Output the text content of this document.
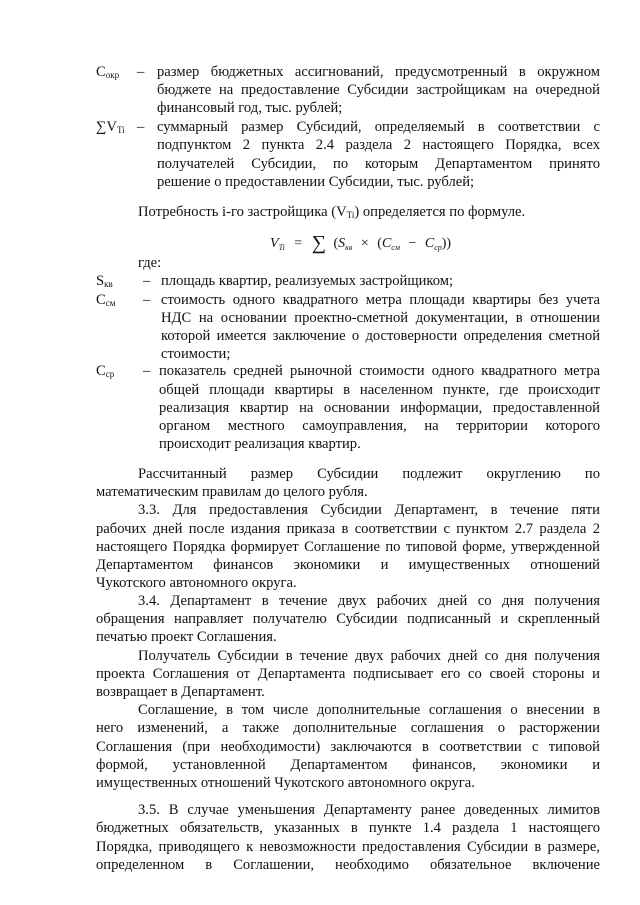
$C_{окр}$ – размер бюджетных ассигнований, предусмотренный в окружном
бюджете на предоставление Субсидии застройщикам на очередной
финансовый год, тыс. рублей;
$\sum V_{Ti}$ – суммарный размер Субсидий, определяемый в соответствии с
подпунктом 2 пункта 2.4 раздела 2 настоящего Порядка, всех
получателей Субсидии, по которым Департаментом принято
решение о предоставлении Субсидии, тыс. рублей;
Потребность i-го застройщика $(V_{Ti})$ определяется по формуле.
$V_{Ti}$ = ∑ $(S_{кв} \times (C_{см} - C_{ср}))$
где:
$S_{кв}$ – площадь квартир, реализуемых застройщиком;
$C_{см}$ – стоимость одного квадратного метра площади квартиры без учета
НДС на основании проектно-сметной документации, в отношении
которой имеется заключение о достоверности определения сметной
стоимости;
$C_{ср}$ – показатель средней рыночной стоимости одного квадратного метра
общей площади квартиры в населенном пункте, где происходит
реализация квартир на основании информации, предоставленной
органом местного самоуправления, на территории которого
происходит реализация квартир.
Рассчитанный размер Субсидии подлежит округлению по
математическим правилам до целого рубля.
3.3. Для предоставления Субсидии Департамент, в течение пяти
рабочих дней после издания приказа в соответствии с пунктом 2.7 раздела 2
настоящего Порядка формирует Соглашение по типовой форме, утвержденной
Департаментом финансов экономики и имущественных отношений
Чукотского автономного округа.
3.4. Департамент в течение двух рабочих дней со дня получения
обращения направляет получателю Субсидии подписанный и скрепленный
печатью проект Соглашения.
Получатель Субсидии в течение двух рабочих дней со дня получения
проекта Соглашения от Департамента подписывает его со своей стороны и
возвращает в Департамент.
Соглашение, в том числе дополнительные соглашения о внесении в
него изменений, а также дополнительные соглашения о расторжении
Соглашения (при необходимости) заключаются в соответствии с типовой
формой, установленной Департаментом финансов, экономики и
имущественных отношений Чукотского автономного округа.
3.5. В случае уменьшения Департаменту ранее доведенных лимитов
бюджетных обязательств, указанных в пункте 1.4 раздела 1 настоящего
Порядка, приводящего к невозможности предоставления Субсидии в размере,
определенном в Соглашении, необходимо обязательное включение
